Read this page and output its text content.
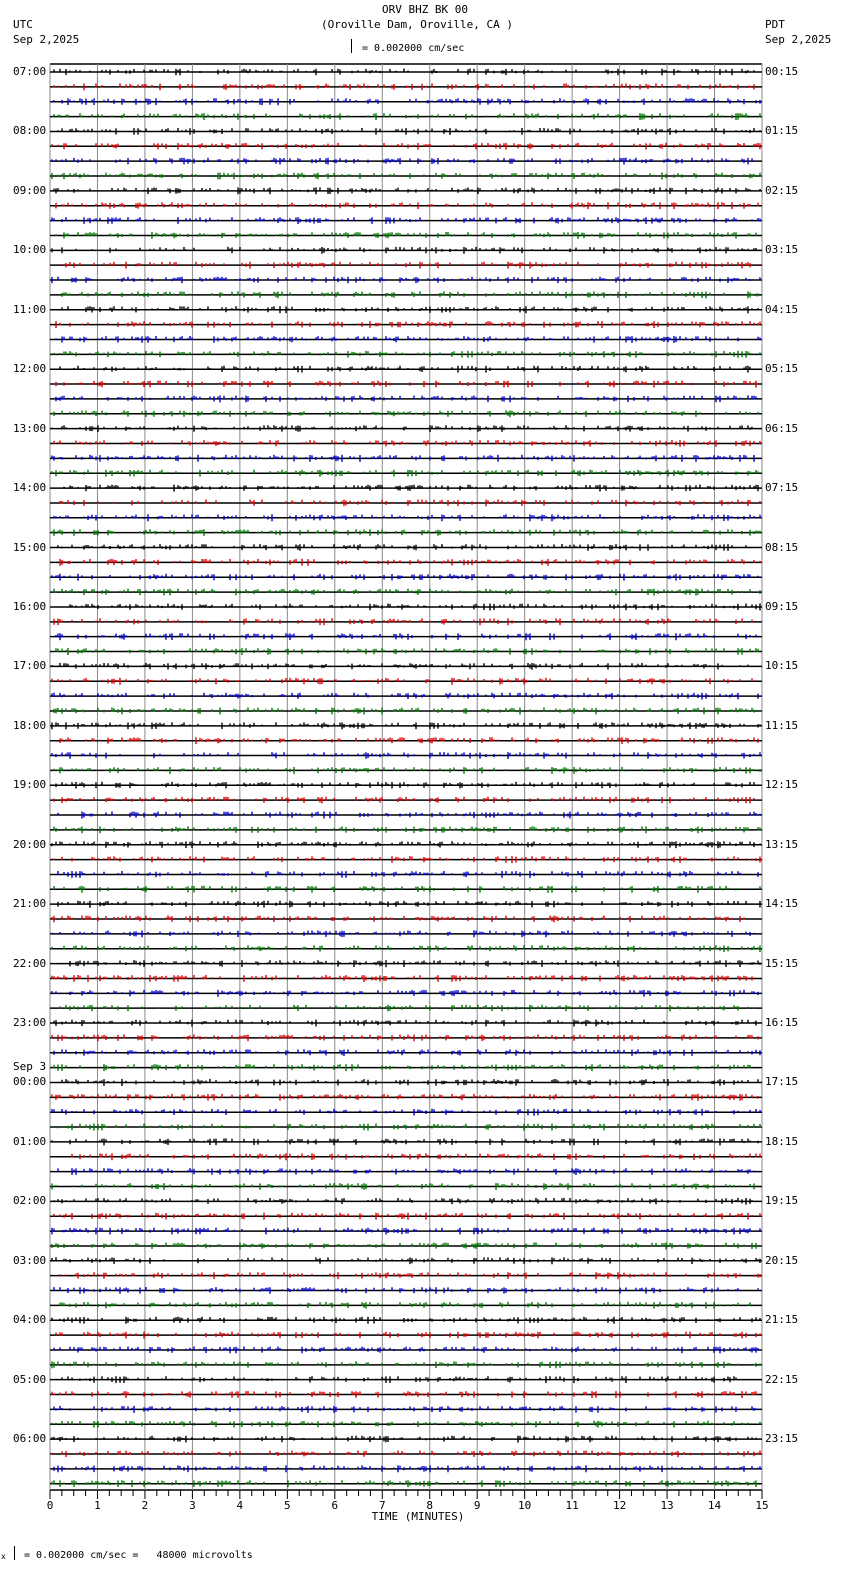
ORV BHZ BK 00
(Oroville Dam, Oroville, CA )
UTC
Sep 2,2025
PDT
Sep 2,2025
= 0.002000 cm/sec
0	1	2	3	4	5	6	7	8	9	10	11	12	13	14	15
07:00
08:00
09:00
10:00
11:00
12:00
13:00
14:00
15:00
16:00
17:00
18:00
19:00
20:00
21:00
22:00
23:00
00:00
01:00
02:00
03:00
04:00
05:00
06:00
00:15
01:15
02:15
03:15
04:15
05:15
06:15
07:15
08:15
09:15
10:15
11:15
12:15
13:15
14:15
15:15
16:15
17:15
18:15
19:15
20:15
21:15
22:15
23:15
Sep 3
TIME (MINUTES)
x = 0.002000 cm/sec =   48000 microvolts
